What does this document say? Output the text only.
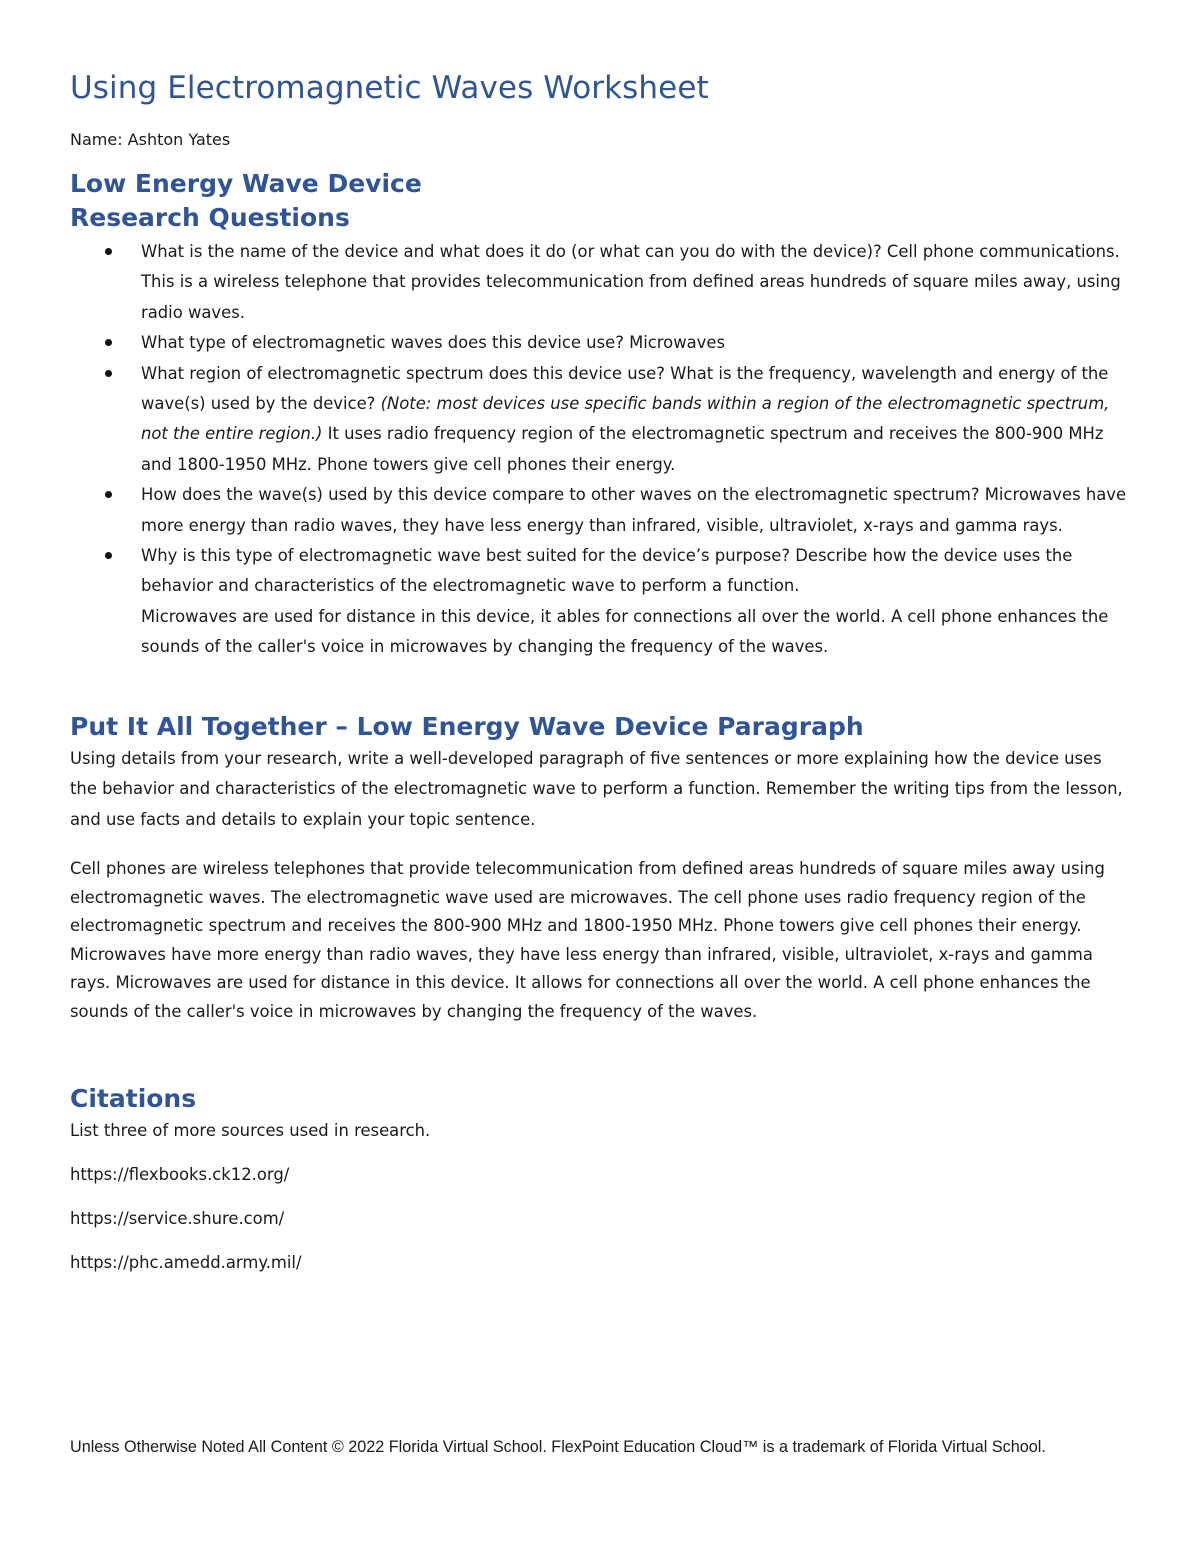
Using Electromagnetic Waves Worksheet

Name: Ashton Yates

Low Energy Wave Device
Research Questions
What is the name of the device and what does it do (or what can you do with the device)? Cell phone communications. This is a wireless telephone that provides telecommunication from defined areas hundreds of square miles away, using radio waves.
What type of electromagnetic waves does this device use? Microwaves
What region of electromagnetic spectrum does this device use? What is the frequency, wavelength and energy of the wave(s) used by the device? (Note: most devices use specific bands within a region of the electromagnetic spectrum, not the entire region.) It uses radio frequency region of the electromagnetic spectrum and receives the 800-900 MHz and 1800-1950 MHz. Phone towers give cell phones their energy.
How does the wave(s) used by this device compare to other waves on the electromagnetic spectrum? Microwaves have more energy than radio waves, they have less energy than infrared, visible, ultraviolet, x-rays and gamma rays.
Why is this type of electromagnetic wave best suited for the device’s purpose? Describe how the device uses the behavior and characteristics of the electromagnetic wave to perform a function.
Microwaves are used for distance in this device, it ables for connections all over the world. A cell phone enhances the sounds of the caller's voice in microwaves by changing the frequency of the waves.
Put It All Together – Low Energy Wave Device Paragraph

Using details from your research, write a well-developed paragraph of five sentences or more explaining how the device uses the behavior and characteristics of the electromagnetic wave to perform a function. Remember the writing tips from the lesson, and use facts and details to explain your topic sentence.

Cell phones are wireless telephones that provide telecommunication from defined areas hundreds of square miles away using electromagnetic waves. The electromagnetic wave used are microwaves. The cell phone uses radio frequency region of the electromagnetic spectrum and receives the 800-900 MHz and 1800-1950 MHz. Phone towers give cell phones their energy. Microwaves have more energy than radio waves, they have less energy than infrared, visible, ultraviolet, x-rays and gamma rays. Microwaves are used for distance in this device. It allows for connections all over the world. A cell phone enhances the sounds of the caller's voice in microwaves by changing the frequency of the waves.

Citations

List three of more sources used in research.

https://flexbooks.ck12.org/

https://service.shure.com/

https://phc.amedd.army.mil/

Unless Otherwise Noted All Content © 2022 Florida Virtual School. FlexPoint Education Cloud™ is a trademark of Florida Virtual School.
